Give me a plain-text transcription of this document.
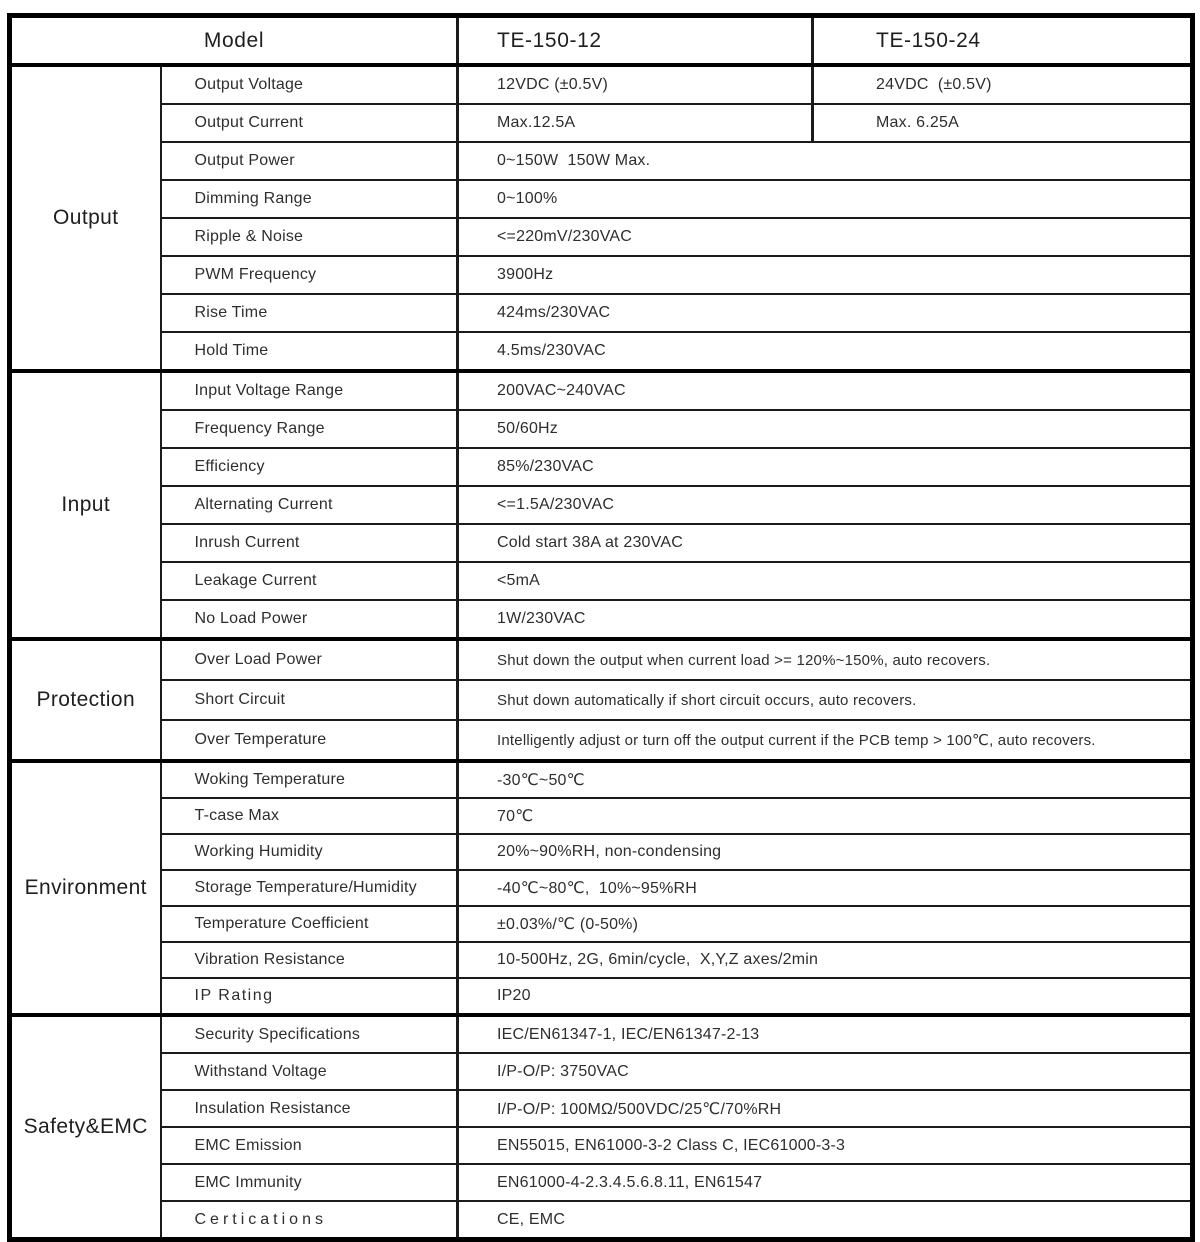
Model		TE-150-12	TE-150-24
Output	Output Voltage	12VDC (±0.5V)	24VDC  (±0.5V)
	Output Current	Max.12.5A	Max. 6.25A
	Output Power	0~150W  150W Max.	
	Dimming Range	0~100%	
	Ripple & Noise	<=220mV/230VAC	
	PWM Frequency	3900Hz	
	Rise Time	424ms/230VAC	
	Hold Time	4.5ms/230VAC	
Input	Input Voltage Range	200VAC~240VAC	
	Frequency Range	50/60Hz	
	Efficiency	85%/230VAC	
	Alternating Current	<=1.5A/230VAC	
	Inrush Current	Cold start 38A at 230VAC	
	Leakage Current	<5mA	
	No Load Power	1W/230VAC	
Protection	Over Load Power	Shut down the output when current load >= 120%~150%, auto recovers.	
	Short Circuit	Shut down automatically if short circuit occurs, auto recovers.	
	Over Temperature	Intelligently adjust or turn off the output current if the PCB temp > 100℃, auto recovers.	
Environment	Woking Temperature	-30℃~50℃	
	T-case Max	70℃	
	Working Humidity	20%~90%RH, non-condensing	
	Storage Temperature/Humidity	-40℃~80℃,  10%~95%RH	
	Temperature Coefficient	±0.03%/℃ (0-50%)	
	Vibration Resistance	10-500Hz, 2G, 6min/cycle,  X,Y,Z axes/2min	
	IP Rating	IP20	
Safety&EMC	Security Specifications	IEC/EN61347-1, IEC/EN61347-2-13	
	Withstand Voltage	I/P-O/P: 3750VAC	
	Insulation Resistance	I/P-O/P: 100MΩ/500VDC/25℃/70%RH	
	EMC Emission	EN55015, EN61000-3-2 Class C, IEC61000-3-3	
	EMC Immunity	EN61000-4-2.3.4.5.6.8.11, EN61547	
	Certications	CE, EMC	
